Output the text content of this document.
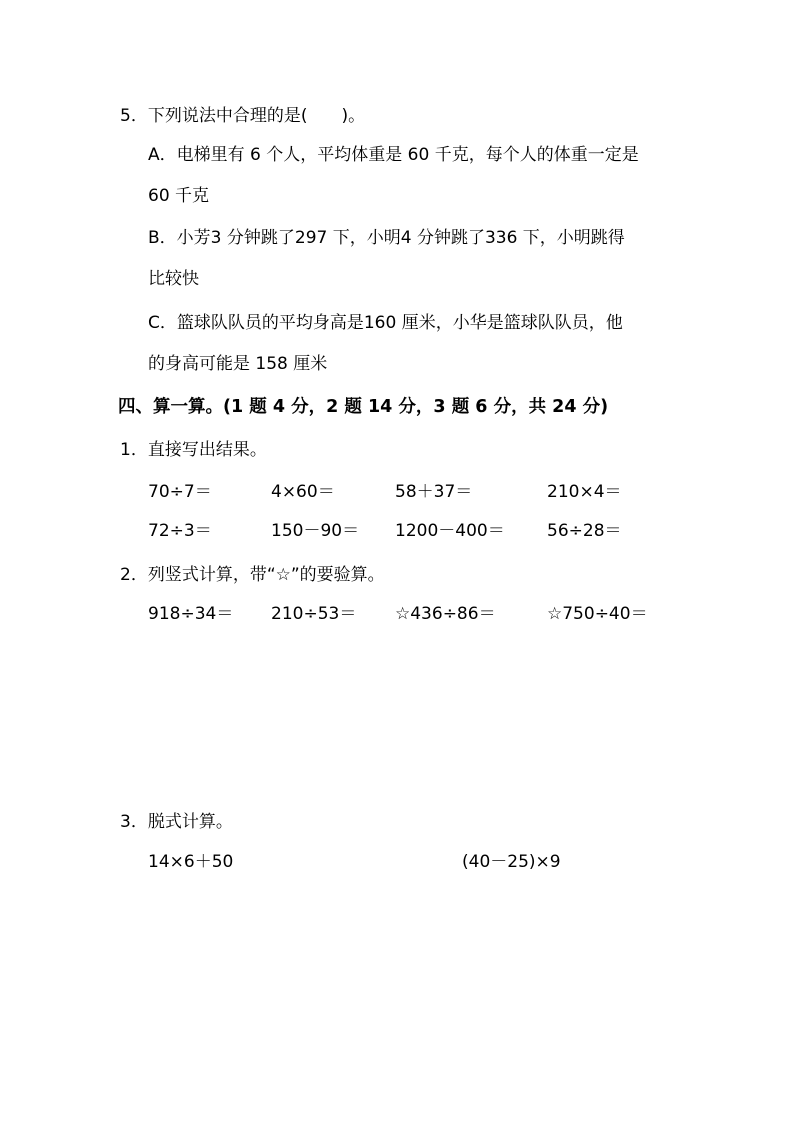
5．下列说法中合理的是(　　)。
A．电梯里有 6 个人，平均体重是 60 千克，每个人的体重一定是
60 千克
B．小芳3 分钟跳了297 下，小明4 分钟跳了336 下，小明跳得
比较快
C．篮球队队员的平均身高是160 厘米，小华是篮球队队员，他
的身高可能是 158 厘米
四、算一算。(1 题 4 分，2 题 14 分，3 题 6 分，共 24 分)
1．直接写出结果。
70÷7＝	4×60＝	58＋37＝	210×4＝
72÷3＝	150－90＝ 1200－400＝ 56÷28＝
2．列竖式计算，带“☆”的要验算。
918÷34＝ 210÷53＝ ☆436÷86＝	☆750÷40＝
3．脱式计算。
14×6＋50	(40－25)×9
